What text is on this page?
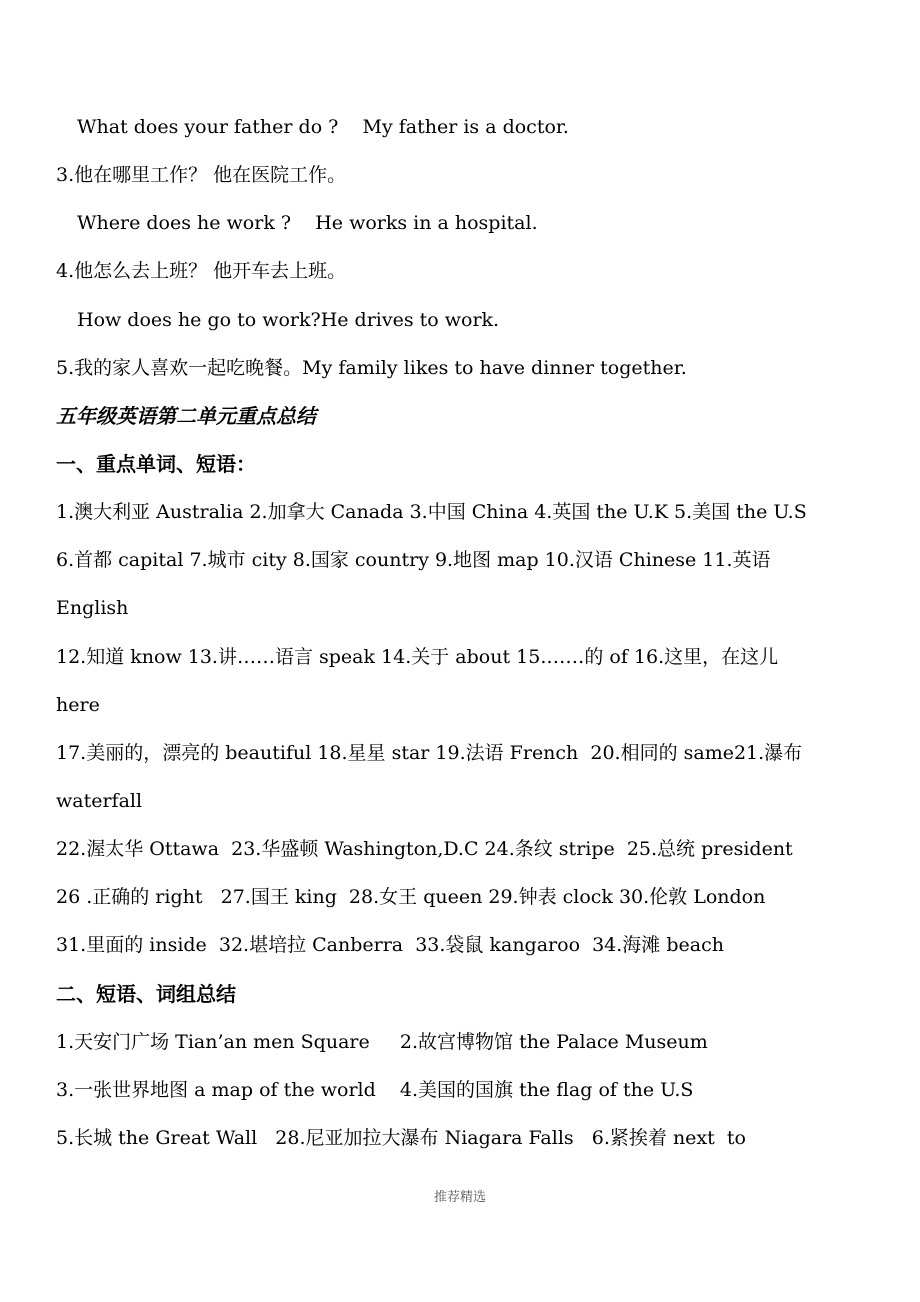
What does your father do ?    My father is a doctor.
3.他在哪里工作？ 他在医院工作。
Where does he work ?    He works in a hospital.
4.他怎么去上班？ 他开车去上班。
How does he go to work?He drives to work.
5.我的家人喜欢一起吃晚餐。My family likes to have dinner together.
五年级英语第二单元重点总结
一、重点单词、短语：
1.澳大利亚 Australia 2.加拿大 Canada 3.中国 China 4.英国 the U.K 5.美国 the U.S
6.首都 capital 7.城市 city 8.国家 country 9.地图 map 10.汉语 Chinese 11.英语
English
12.知道 know 13.讲……语言 speak 14.关于 about 15.……的 of 16.这里，在这儿
here
17.美丽的，漂亮的 beautiful 18.星星 star 19.法语 French  20.相同的 same21.瀑布
waterfall
22.渥太华 Ottawa  23.华盛顿 Washington,D.C 24.条纹 stripe  25.总统 president
26 .正确的 right   27.国王 king  28.女王 queen 29.钟表 clock 30.伦敦 London
31.里面的 inside  32.堪培拉 Canberra  33.袋鼠 kangaroo  34.海滩 beach
二、短语、词组总结
1.天安门广场 Tian’an men Square     2.故宫博物馆 the Palace Museum
3.一张世界地图 a map of the world    4.美国的国旗 the flag of the U.S
5.长城 the Great Wall   28.尼亚加拉大瀑布 Niagara Falls   6.紧挨着 next  to
推荐精选
